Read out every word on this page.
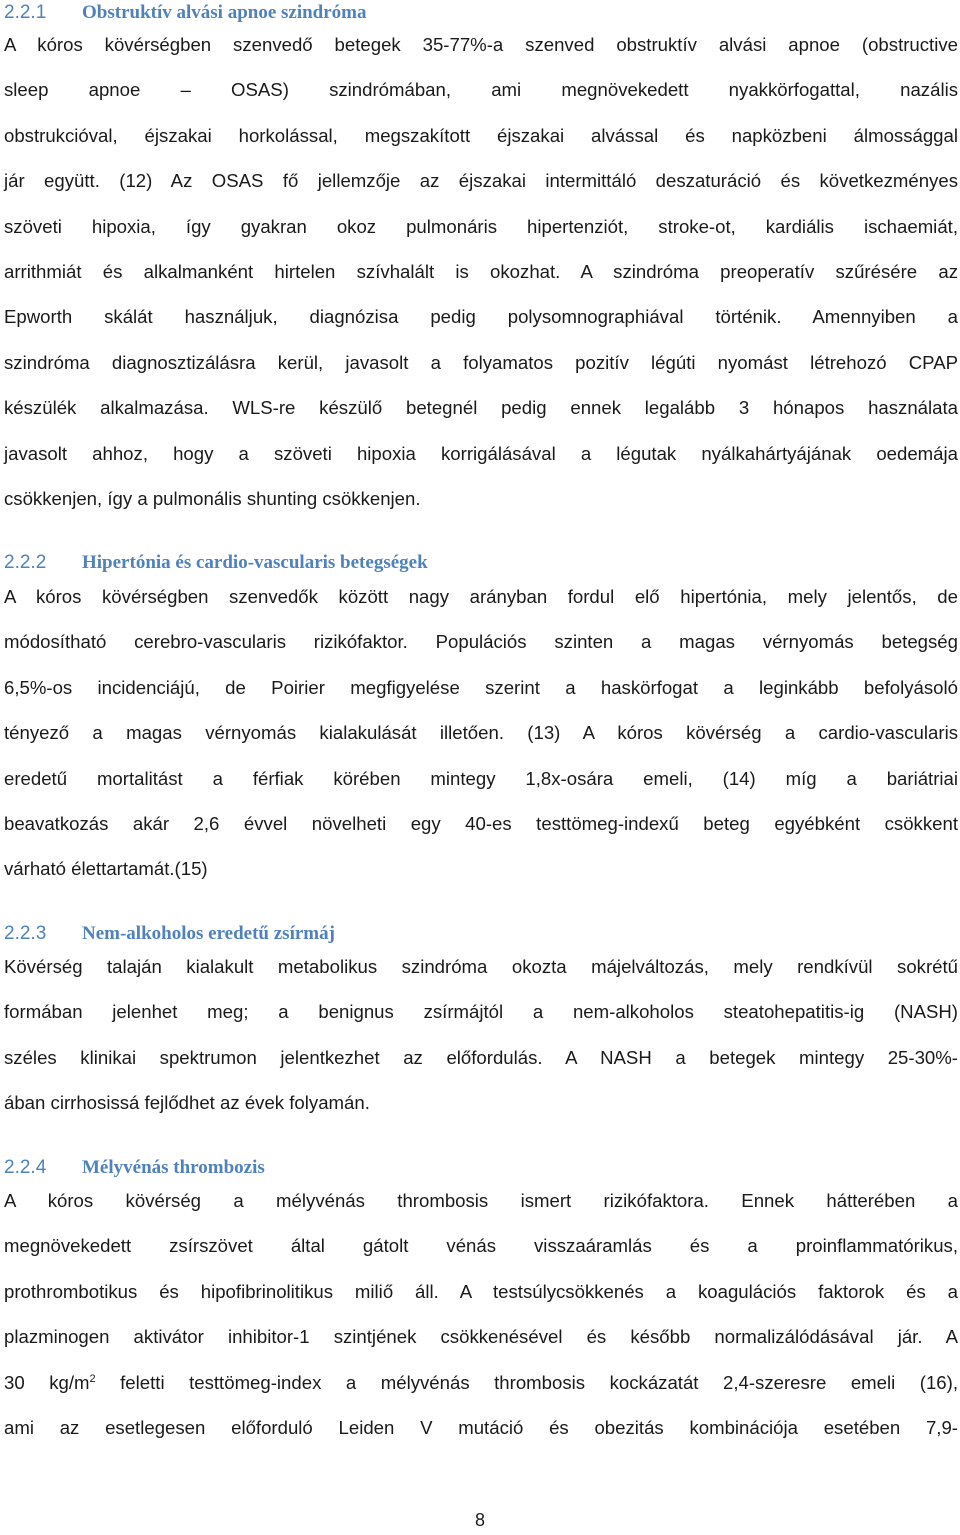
2.2.1 Obstruktív alvási apnoe szindróma
A kóros kövérségben szenvedő betegek 35-77%-a szenved obstruktív alvási apnoe (obstructive
sleep apnoe – OSAS) szindrómában, ami megnövekedett nyakkörfogattal, nazális
obstrukcióval, éjszakai horkolással, megszakított éjszakai alvással és napközbeni álmossággal
jár együtt. (12) Az OSAS fő jellemzője az éjszakai intermittáló deszaturáció és következményes
szöveti hipoxia, így gyakran okoz pulmonáris hipertenziót, stroke-ot, kardiális ischaemiát,
arrithmiát és alkalmanként hirtelen szívhalált is okozhat. A szindróma preoperatív szűrésére az
Epworth skálát használjuk, diagnózisa pedig polysomnographiával történik. Amennyiben a
szindróma diagnosztizálásra kerül, javasolt a folyamatos pozitív légúti nyomást létrehozó CPAP
készülék alkalmazása. WLS-re készülő betegnél pedig ennek legalább 3 hónapos használata
javasolt ahhoz, hogy a szöveti hipoxia korrigálásával a légutak nyálkahártyájának oedemája
csökkenjen, így a pulmonális shunting csökkenjen.
2.2.2 Hipertónia és cardio-vascularis betegségek
A kóros kövérségben szenvedők között nagy arányban fordul elő hipertónia, mely jelentős, de
módosítható cerebro-vascularis rizikófaktor. Populációs szinten a magas vérnyomás betegség
6,5%-os incidenciájú, de Poirier megfigyelése szerint a haskörfogat a leginkább befolyásoló
tényező a magas vérnyomás kialakulását illetően. (13) A kóros kövérség a cardio-vascularis
eredetű mortalitást a férfiak körében mintegy 1,8x-osára emeli, (14) míg a bariátriai
beavatkozás akár 2,6 évvel növelheti egy 40-es testtömeg-indexű beteg egyébként csökkent
várható élettartamát.(15)
2.2.3 Nem-alkoholos eredetű zsírmáj
Kövérség talaján kialakult metabolikus szindróma okozta májelváltozás, mely rendkívül sokrétű
formában jelenhet meg; a benignus zsírmájtól a nem-alkoholos steatohepatitis-ig (NASH)
széles klinikai spektrumon jelentkezhet az előfordulás. A NASH a betegek mintegy 25-30%-
ában cirrhosissá fejlődhet az évek folyamán.
2.2.4 Mélyvénás thrombozis
A kóros kövérség a mélyvénás thrombosis ismert rizikófaktora. Ennek hátterében a
megnövekedett zsírszövet által gátolt vénás visszaáramlás és a proinflammatórikus,
prothrombotikus és hipofibrinolitikus miliő áll. A testsúlycsökkenés a koagulációs faktorok és a
plazminogen aktivátor inhibitor-1 szintjének csökkenésével és később normalizálódásával jár. A
30 $kg/m^2$ feletti testtömeg-index a mélyvénás thrombosis kockázatát 2,4-szeresre emeli (16),
ami az esetlegesen előforduló Leiden V mutáció és obezitás kombinációja esetében 7,9-
8
